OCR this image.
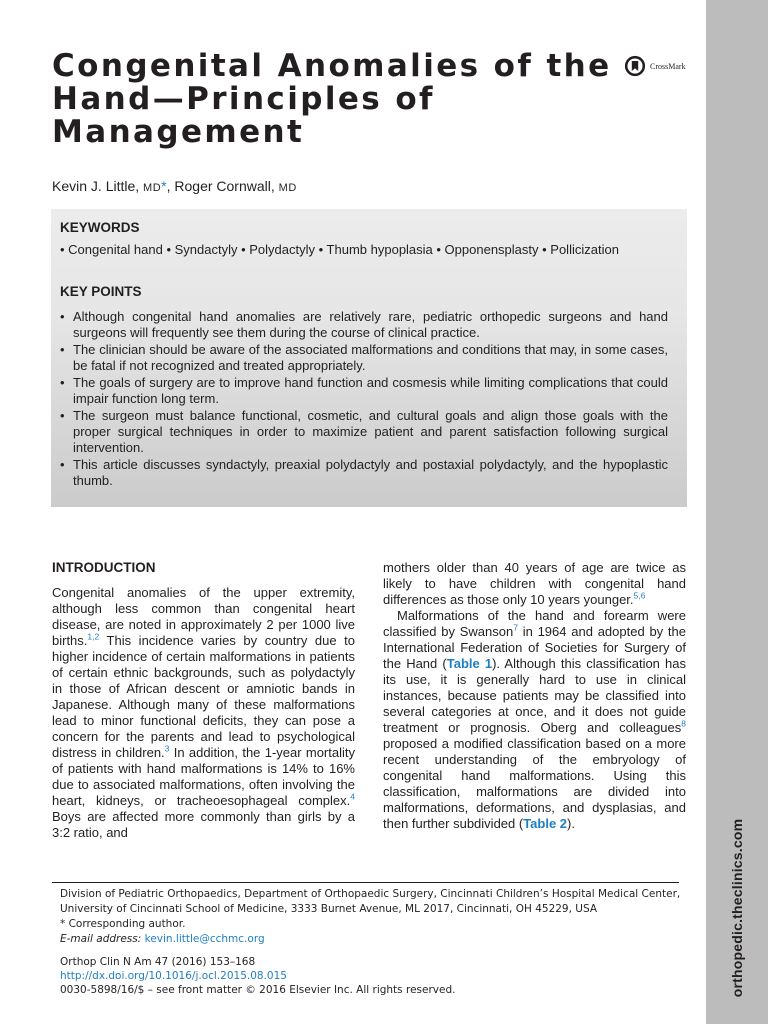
orthopedic.theclinics.com
Congenital Anomalies of the Hand—Principles of Management
CrossMark
Kevin J. Little, MD*, Roger Cornwall, MD
KEYWORDS
• Congenital hand • Syndactyly • Polydactyly • Thumb hypoplasia • Opponensplasty • Pollicization
KEY POINTS
• Although congenital hand anomalies are relatively rare, pediatric orthopedic surgeons and hand surgeons will frequently see them during the course of clinical practice.
• The clinician should be aware of the associated malformations and conditions that may, in some cases, be fatal if not recognized and treated appropriately.
• The goals of surgery are to improve hand function and cosmesis while limiting complications that could impair function long term.
• The surgeon must balance functional, cosmetic, and cultural goals and align those goals with the proper surgical techniques in order to maximize patient and parent satisfaction following surgical intervention.
• This article discusses syndactyly, preaxial polydactyly and postaxial polydactyly, and the hypoplastic thumb.
INTRODUCTION

Congenital anomalies of the upper extremity, although less common than congenital heart disease, are noted in approximately 2 per 1000 live births.$^{1,2}$ This incidence varies by country due to higher incidence of certain malformations in patients of certain ethnic backgrounds, such as polydactyly in those of African descent or amniotic bands in Japanese. Although many of these malformations lead to minor functional deficits, they can pose a concern for the parents and lead to psychological distress in children.$^3$ In addition, the 1-year mortality of patients with hand malformations is 14% to 16% due to associated malformations, often involving the heart, kidneys, or tracheoesophageal complex.$^4$ Boys are affected more commonly than girls by a 3:2 ratio, and

mothers older than 40 years of age are twice as likely to have children with congenital hand differences as those only 10 years younger.$^{5,6}$

Malformations of the hand and forearm were classified by Swanson$^7$ in 1964 and adopted by the International Federation of Societies for Surgery of the Hand (Table 1). Although this classification has its use, it is generally hard to use in clinical instances, because patients may be classified into several categories at once, and it does not guide treatment or prognosis. Oberg and colleagues$^8$ proposed a modified classification based on a more recent understanding of the embryology of congenital hand malformations. Using this classification, malformations are divided into malformations, deformations, and dysplasias, and then further subdivided (Table 2).

Division of Pediatric Orthopaedics, Department of Orthopaedic Surgery, Cincinnati Children’s Hospital Medical Center, University of Cincinnati School of Medicine, 3333 Burnet Avenue, ML 2017, Cincinnati, OH 45229, USA
* Corresponding author.
E-mail address: kevin.little@cchmc.org
Orthop Clin N Am 47 (2016) 153–168
http://dx.doi.org/10.1016/j.ocl.2015.08.015
0030-5898/16/$ – see front matter © 2016 Elsevier Inc. All rights reserved.
